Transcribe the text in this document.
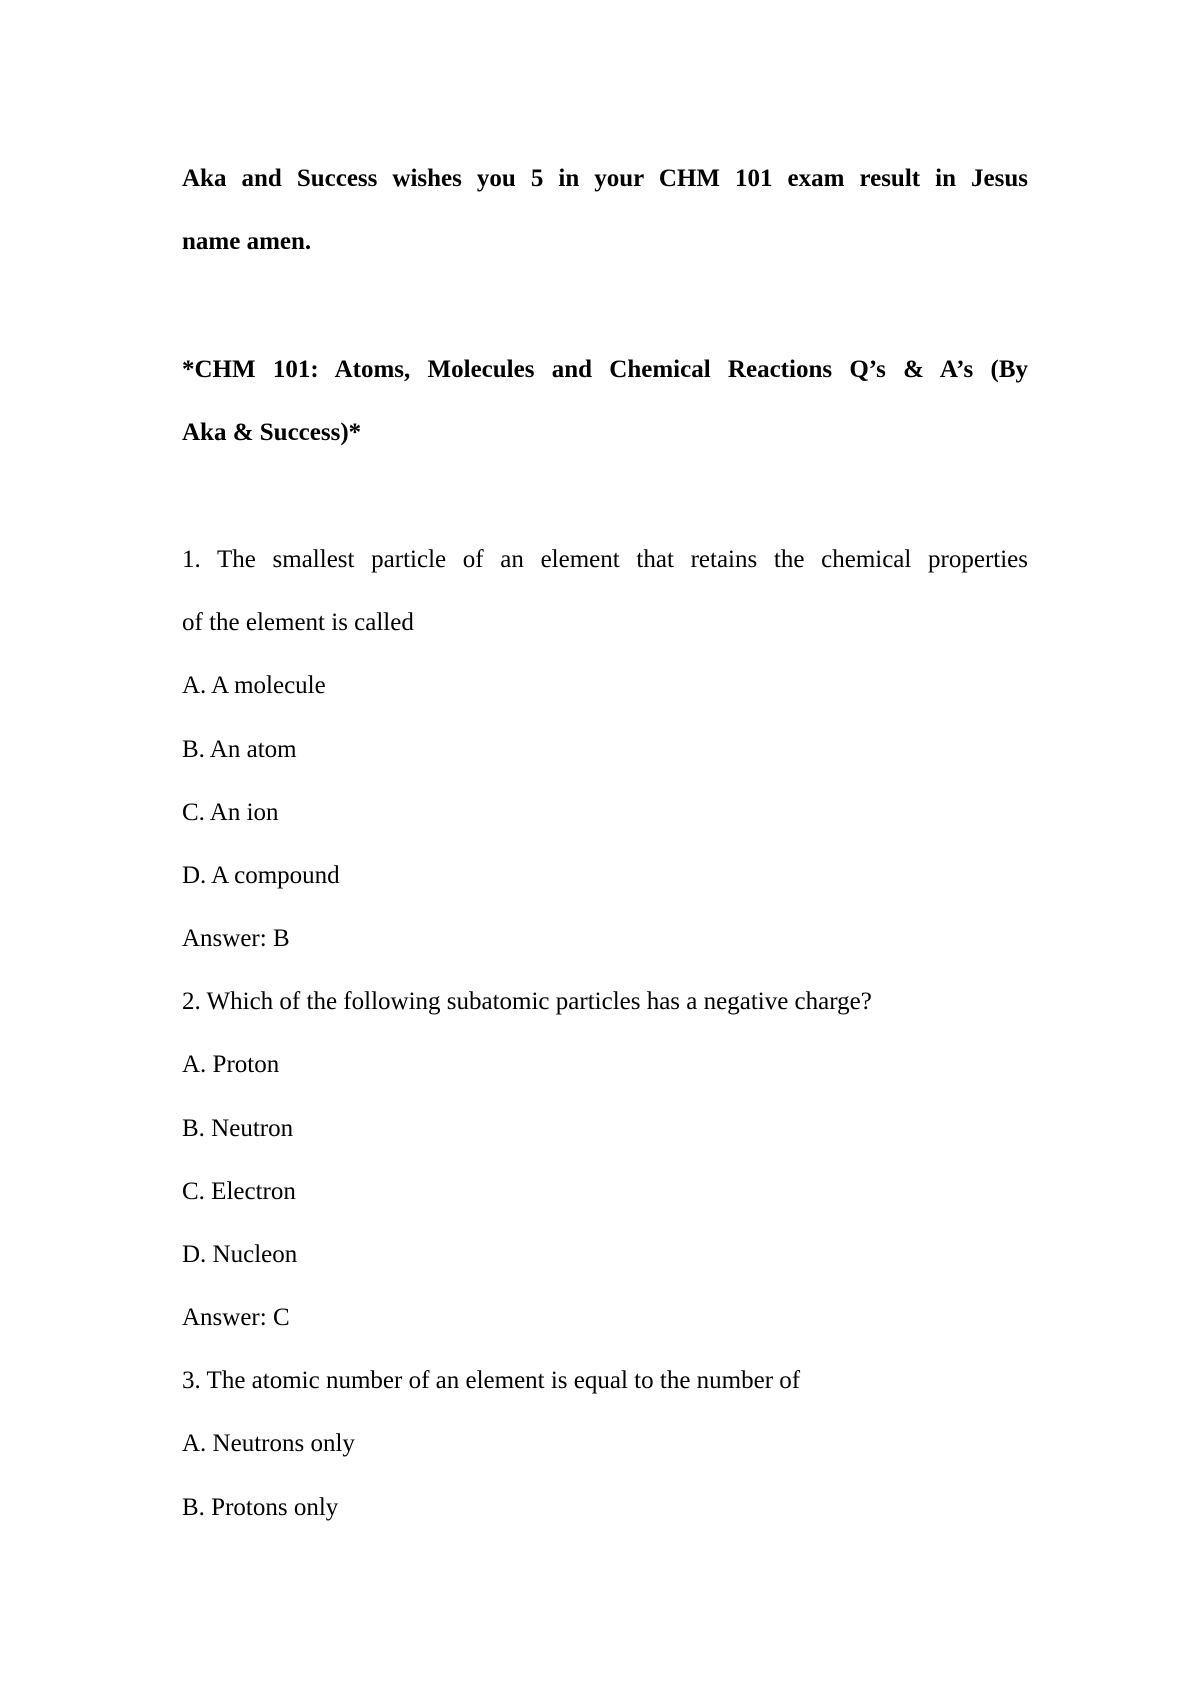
Aka and Success wishes you 5 in your CHM 101 exam result in Jesus
name amen.
*CHM 101: Atoms, Molecules and Chemical Reactions Q’s & A’s (By
Aka & Success)*
1. The smallest particle of an element that retains the chemical properties
of the element is called
A. A molecule
B. An atom
C. An ion
D. A compound
Answer: B
2. Which of the following subatomic particles has a negative charge?
A. Proton
B. Neutron
C. Electron
D. Nucleon
Answer: C
3. The atomic number of an element is equal to the number of
A. Neutrons only
B. Protons only
